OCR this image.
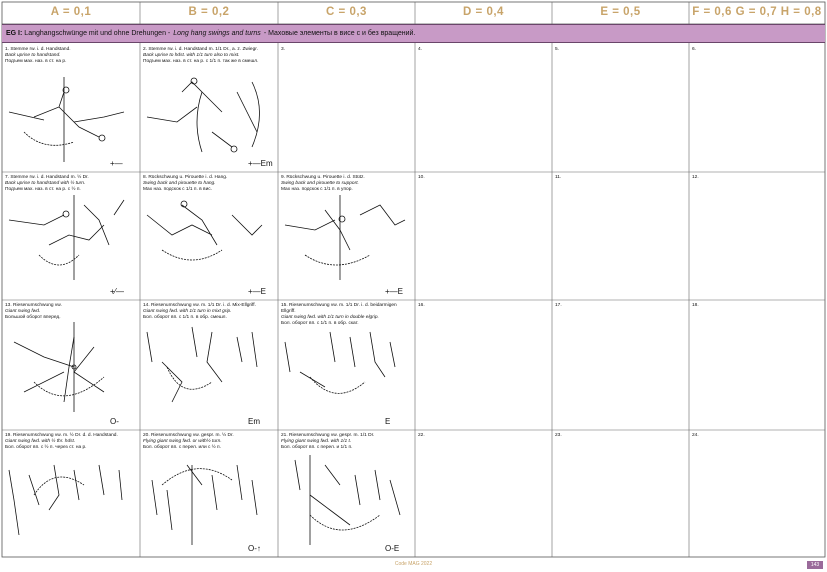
A = 0,1	B = 0,2	C = 0,3	D = 0,4	E = 0,5	F = 0,6 G = 0,7 H = 0,8
EG I:
Langhangschwünge mit und ohne Drehungen - Long hang swings and turns - Маховые элементы в висе с и без вращений.
1. Stemme rw. i. d. Handstand.
Back uprise to handstand.
Подъем мах. наз. в ст. на р.
+—
2. Stemme rw. i. d. Handstand m. 1/1 Dr., a. z. Zwiegr.
Back uprise to hdst. with 1/1 turn also to mixt.
Подъем мах. наз. в ст. на р. с 1/1 п. так же в смешл.
+—Em
3.	4.	5.	6.
7. Stemme rw. i. d. Handstand m. ½ Dr.
Back uprise to handstand with ½ turn.
Подъем мах. наз. в ст. на р. с ½ п.
+⁄—
8. Rückschwung u. Pirouette i. d. Hang.
Swing back and pirouette to hang.
Мах наз. подскок с 1/1 п. в вис.
+—E
9. Rückschwung u. Pirouette i. d. Stütz.
Swing back and pirouette to support.
Мах наз. подскок с 1/1 п. в упор.
+—E
10.	11.	12.
13. Riesenumschwung vw.
Giant swing fwd.
Большой оборот вперед.
O-
14. Riesenumschwung vw. m. 1/1 Dr. i. d. Mix-Ellgriff.
Giant swing fwd. with 1/1 turn in mixt grip.
Бол. оборот вп. с 1/1 п. в обр. смешл.
Em
15. Riesenumschwung vw. m. 1/1 Dr. i. d. beidarmigen Ellgriff.
Giant swing fwd. with 1/1 turn in double elgrip.
Бол. оборот вп. с 1/1 п. в обр. скат.
E
16.	17.	18.
19. Riesenumschwung vw. m. ½ Dr. d. d. Handstand.
Giant swing fwd. with ½ thr. hdst.
Бол. оборот вп. с ½ п. через ст. на р.
20. Riesenumschwung vw. gespr. m. ½ Dr.
Flying giant swing fwd. or with½ turn.
Бол. оборот вп. с перел. или с ½ п.
O-↑
21. Riesenumschwung vw. gespr. m. 1/1 Dr.
Flying giant swing fwd. with 1/1 t.
Бол. оборот вп. с перел. и 1/1 п.
O-E
22.	23.	24.
Code MAG 2022	143
